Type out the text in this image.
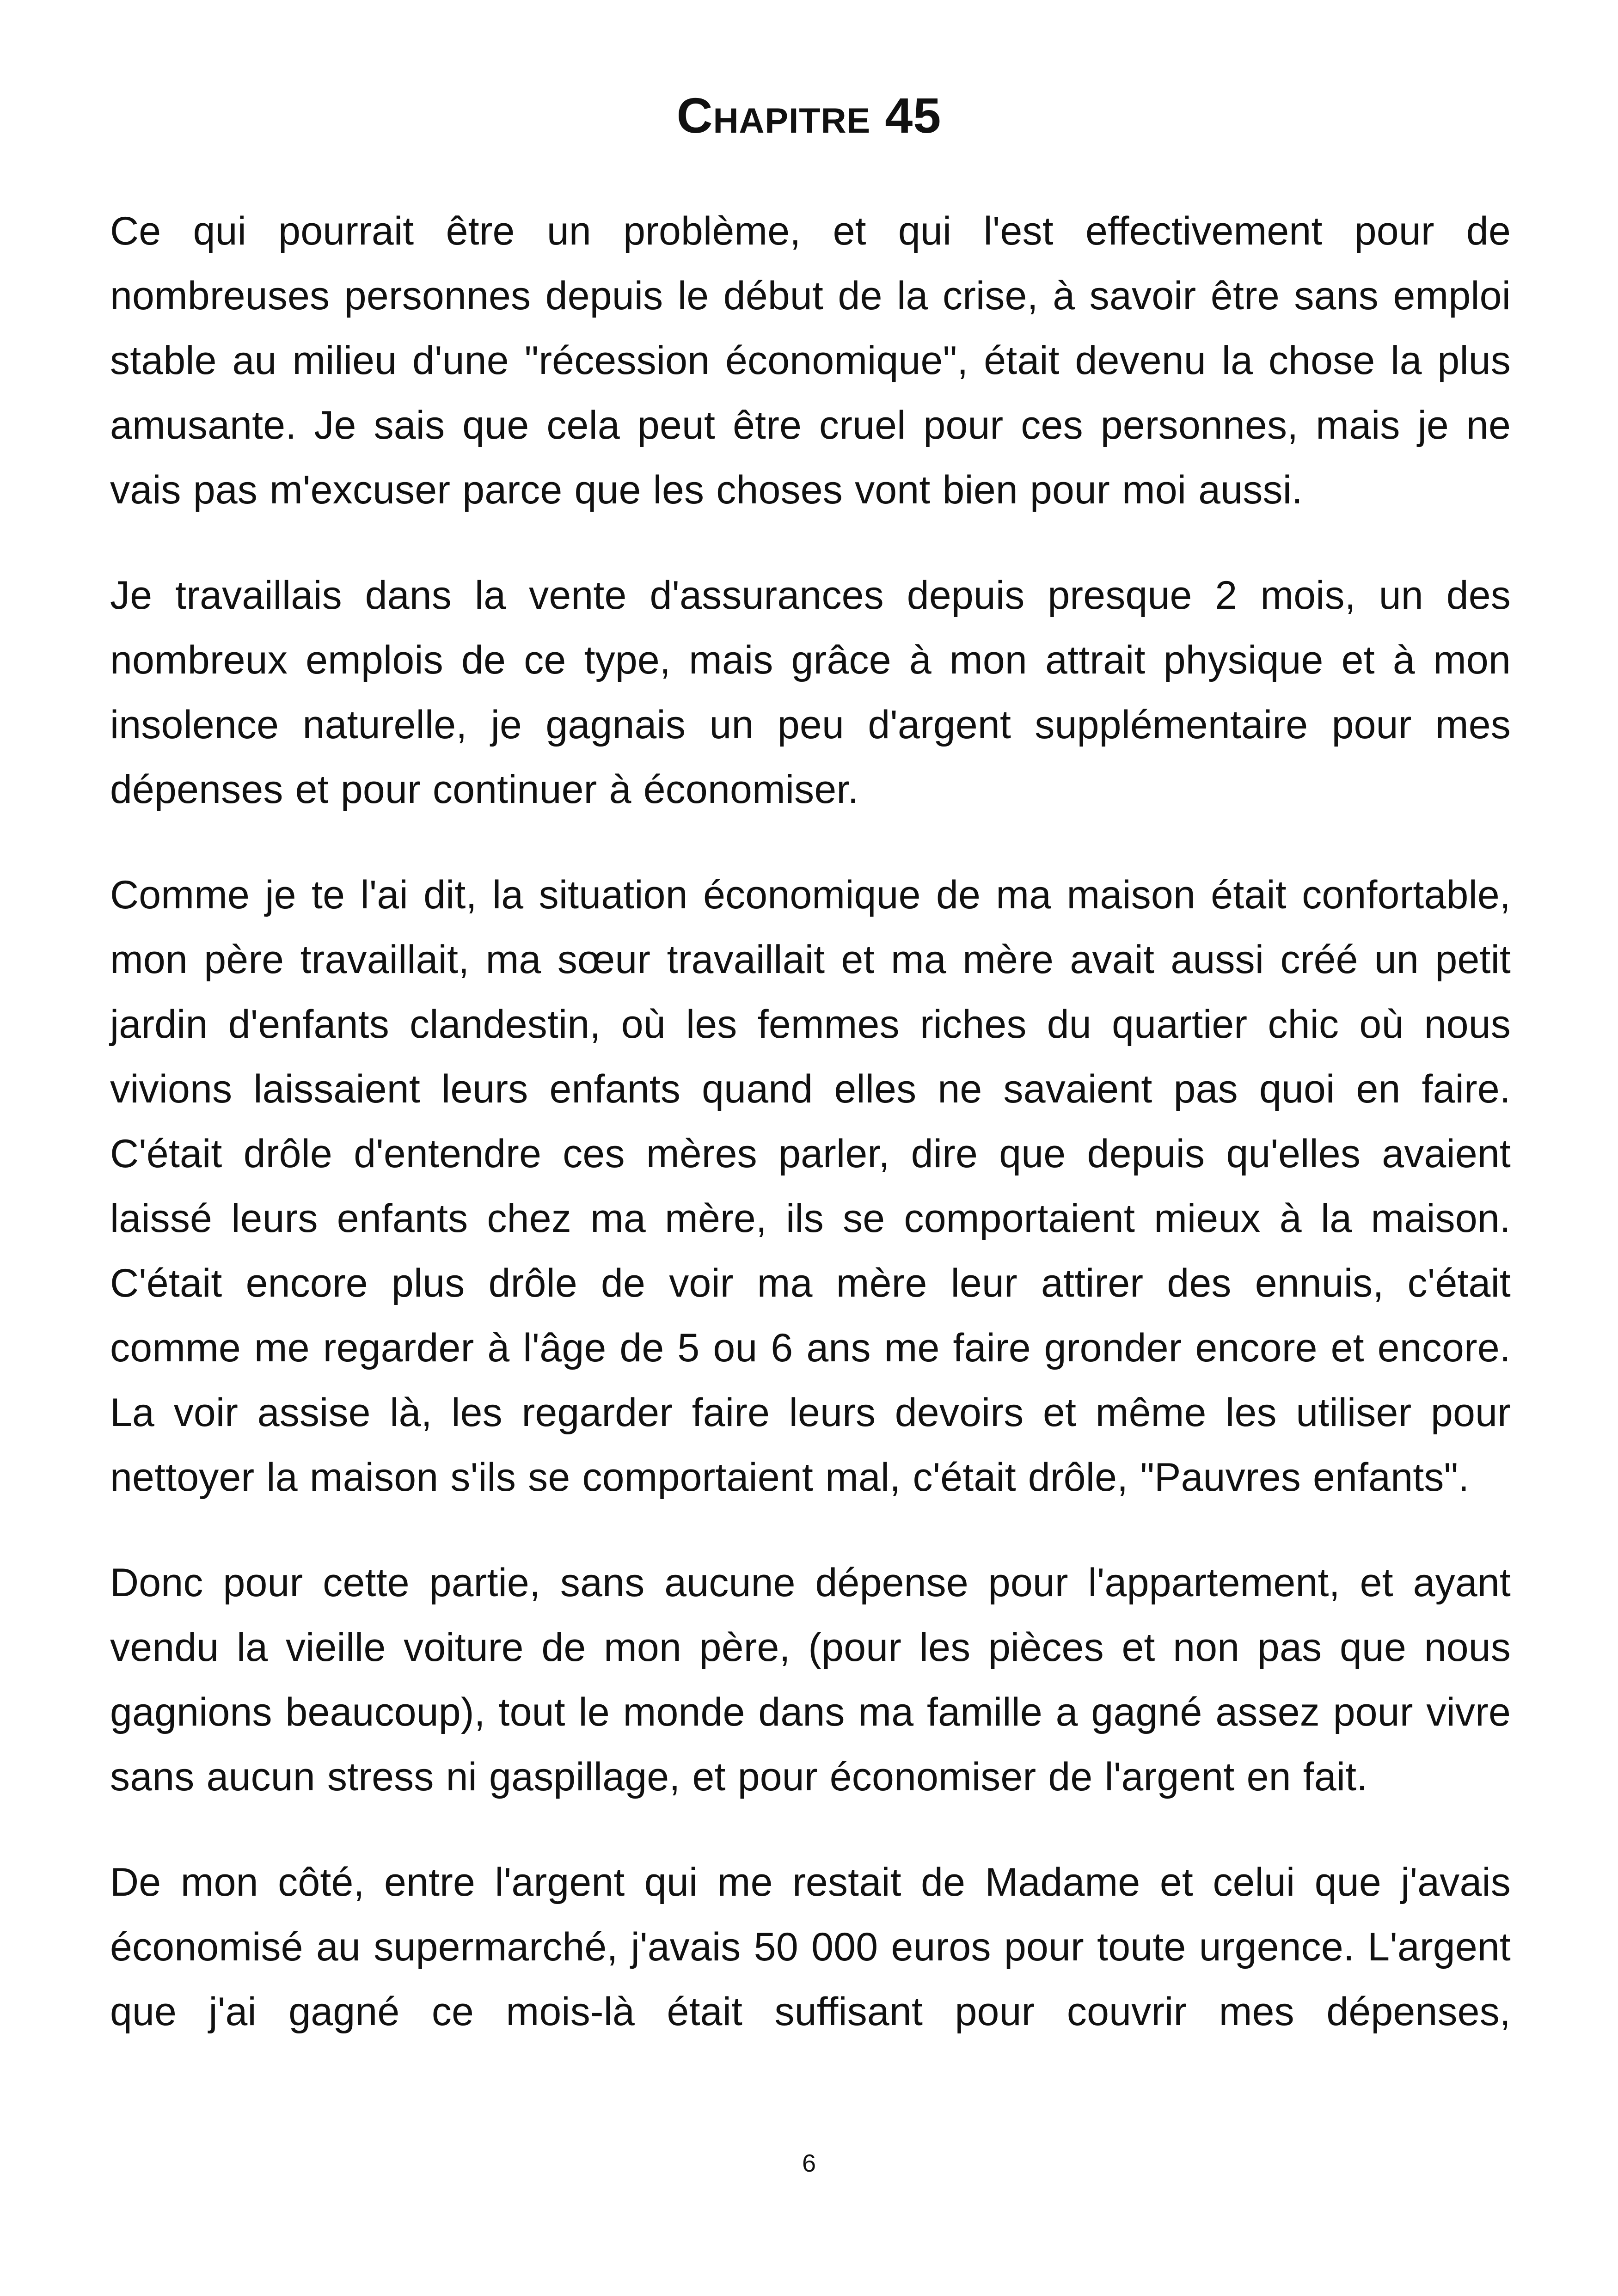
Chapitre 45

Ce qui pourrait être un problème, et qui l'est effectivement pour de nombreuses personnes depuis le début de la crise, à savoir être sans emploi stable au milieu d'une "récession économique", était devenu la chose la plus amusante. Je sais que cela peut être cruel pour ces personnes, mais je ne vais pas m'excuser parce que les choses vont bien pour moi aussi.

Je travaillais dans la vente d'assurances depuis presque 2 mois, un des nombreux emplois de ce type, mais grâce à mon attrait physique et à mon insolence naturelle, je gagnais un peu d'argent supplémentaire pour mes dépenses et pour continuer à économiser.

Comme je te l'ai dit, la situation économique de ma maison était confortable, mon père travaillait, ma sœur travaillait et ma mère avait aussi créé un petit jardin d'enfants clandestin, où les femmes riches du quartier chic où nous vivions laissaient leurs enfants quand elles ne savaient pas quoi en faire. C'était drôle d'entendre ces mères parler, dire que depuis qu'elles avaient laissé leurs enfants chez ma mère, ils se comportaient mieux à la maison. C'était encore plus drôle de voir ma mère leur attirer des ennuis, c'était comme me regarder à l'âge de 5 ou 6 ans me faire gronder encore et encore. La voir assise là, les regarder faire leurs devoirs et même les utiliser pour nettoyer la maison s'ils se comportaient mal, c'était drôle, "Pauvres enfants".

Donc pour cette partie, sans aucune dépense pour l'appartement, et ayant vendu la vieille voiture de mon père, (pour les pièces et non pas que nous gagnions beaucoup), tout le monde dans ma famille a gagné assez pour vivre sans aucun stress ni gaspillage, et pour économiser de l'argent en fait.

De mon côté, entre l'argent qui me restait de Madame et celui que j'avais économisé au supermarché, j'avais 50 000 euros pour toute urgence. L'argent que j'ai gagné ce mois-là était suffisant pour couvrir mes dépenses,

6
